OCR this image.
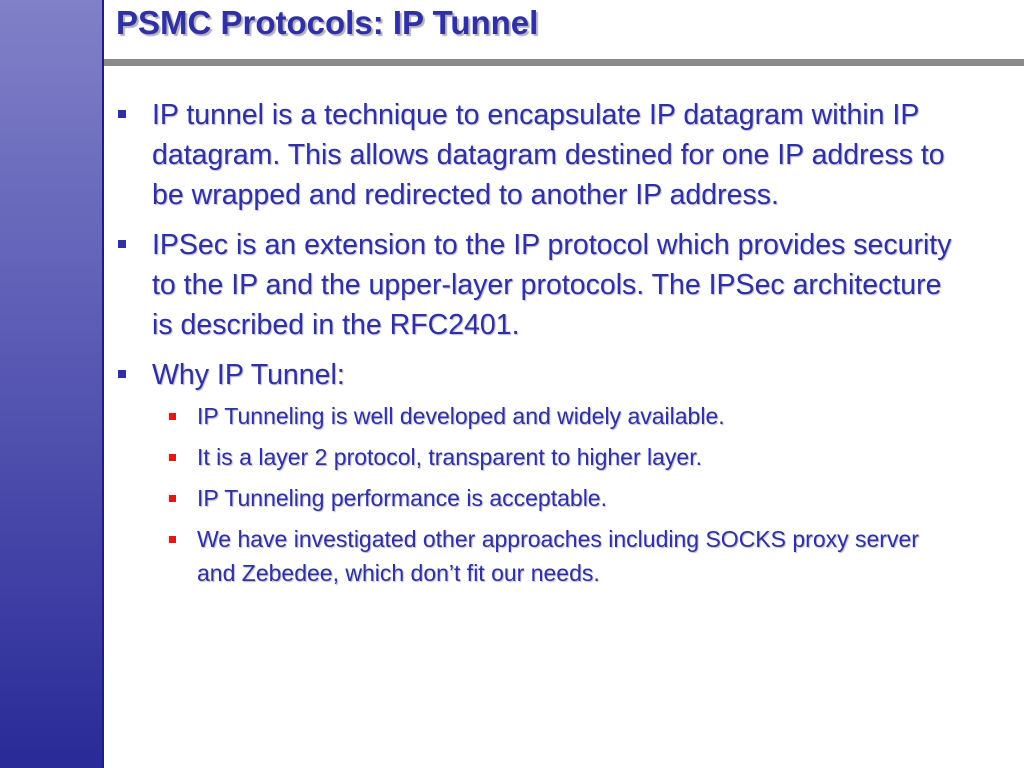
PSMC Protocols: IP Tunnel
IP tunnel is a technique to encapsulate IP datagram within IP datagram. This allows datagram destined for one IP address to be wrapped and redirected to another IP address.
IPSec is an extension to the IP protocol which provides security to the IP and the upper-layer protocols. The IPSec architecture is described in the RFC2401.
Why IP Tunnel:
IP Tunneling is well developed and widely available.
It is a layer 2 protocol, transparent to higher layer.
IP Tunneling performance is acceptable.
We have investigated other approaches including SOCKS proxy server and Zebedee, which don’t fit our needs.
